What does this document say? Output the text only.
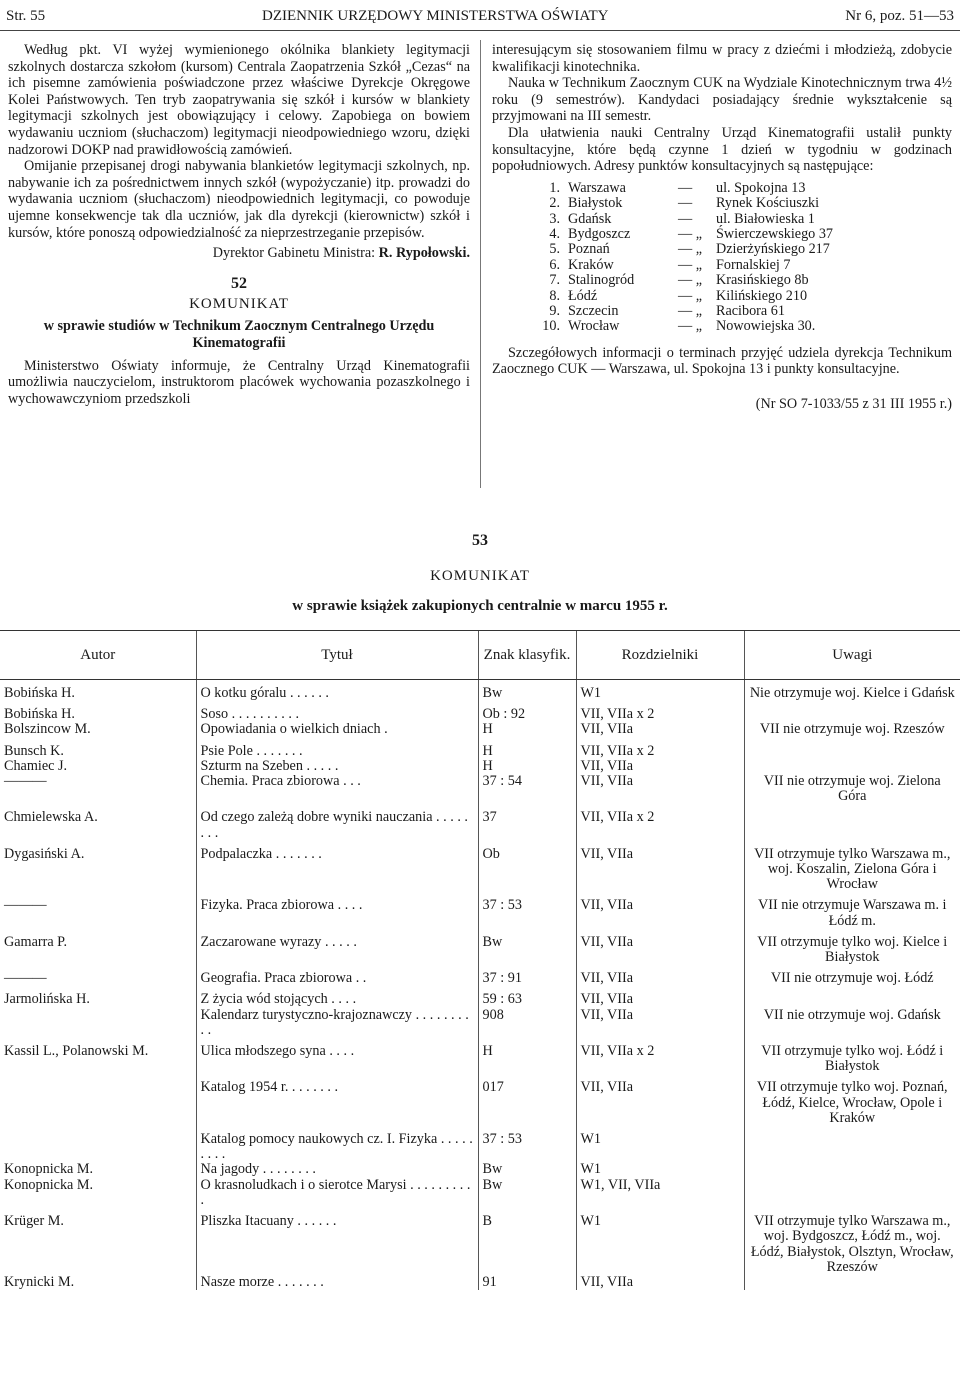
Str. 55	DZIENNIK URZĘDOWY MINISTERSTWA OŚWIATY	Nr 6, poz. 51—53

Według pkt. VI wyżej wymienionego okólnika blankiety legitymacji szkolnych dostarcza szkołom (kursom) Centrala Zaopatrzenia Szkół „Cezas“ na ich pisemne zamówienia poświadczone przez właściwe Dyrekcje Okręgowe Kolei Państwowych. Ten tryb zaopatrywania się szkół i kursów w blankiety legitymacji szkolnych jest obowiązujący i celowy. Zapobiega on bowiem wydawaniu uczniom (słuchaczom) legitymacji nieodpowiedniego wzoru, dzięki nadzorowi DOKP nad prawidłowością zamówień.

Omijanie przepisanej drogi nabywania blankietów legitymacji szkolnych, np. nabywanie ich za pośrednictwem innych szkół (wypożyczanie) itp. prowadzi do wydawania uczniom (słuchaczom) nieodpowiednich legitymacji, co powoduje ujemne konsekwencje tak dla uczniów, jak dla dyrekcji (kierownictw) szkół i kursów, które ponoszą odpowiedzialność za nieprzestrzeganie przepisów.

Dyrektor Gabinetu Ministra: R. Rypołowski.

52

KOMUNIKAT

w sprawie studiów w Technikum Zaocznym Centralnego Urzędu Kinematografii

Ministerstwo Oświaty informuje, że Centralny Urząd Kinematografii umożliwia nauczycielom, instruktorom placówek wychowania pozaszkolnego i wychowawczyniom przedszkoli

interesującym się stosowaniem filmu w pracy z dziećmi i młodzieżą, zdobycie kwalifikacji kinotechnika.

Nauka w Technikum Zaocznym CUK na Wydziale Kinotechnicznym trwa 4½ roku (9 semestrów). Kandydaci posiadający średnie wykształcenie są przyjmowani na III semestr.

Dla ułatwienia nauki Centralny Urząd Kinematografii ustalił punkty konsultacyjne, które będą czynne 1 dzień w tygodniu w godzinach popołudniowych. Adresy punktów konsultacyjnych są następujące:

1.	Warszawa	—	ul. Spokojna 13
2.	Białystok	—	Rynek Kościuszki
3.	Gdańsk	—	ul. Białowieska 1
4.	Bydgoszcz	— „	Świerczewskiego 37
5.	Poznań	— „	Dzierżyńskiego 217
6.	Kraków	— „	Fornalskiej 7
7.	Stalinogród	— „	Krasińskiego 8b
8.	Łódź	— „	Kilińskiego 210
9.	Szczecin	— „	Racibora 61
10.	Wrocław	— „	Nowowiejska 30.

Szczegółowych informacji o terminach przyjęć udziela dyrekcja Technikum Zaocznego CUK — Warszawa, ul. Spokojna 13 i punkty konsultacyjne.

(Nr SO 7-1033/55 z 31 III 1955 r.)

53
KOMUNIKAT
w sprawie książek zakupionych centralnie w marcu 1955 r.
Autor	Tytuł	Znak klasyfik.	Rozdzielniki	Uwagi

Bobińska H.	O kotku góralu . . . . . .	Bw	W1	Nie otrzymuje woj. Kielce i Gdańsk

Bobińska H.	Soso . . . . . . . . . .	Ob : 92	VII, VIIa x 2	
Bolszincow M.	Opowiadania o wielkich dniach .	H	VII, VIIa	VII nie otrzymuje woj. Rzeszów

Bunsch K.	Psie Pole . . . . . . .	H	VII, VIIa x 2	
Chamiec J.	Szturm na Szeben . . . . .	H	VII, VIIa	
———	Chemia. Praca zbiorowa . . .	37 : 54	VII, VIIa	VII nie otrzymuje woj. Zielona Góra

Chmielewska A.	Od czego zależą dobre wyniki nauczania . . . . . . . .	37	VII, VIIa x 2	

Dygasiński A.	Podpalaczka . . . . . . .	Ob	VII, VIIa	VII otrzymuje tylko Warszawa m., woj. Koszalin, Zielona Góra i Wrocław

———	Fizyka. Praca zbiorowa . . . .	37 : 53	VII, VIIa	VII nie otrzymuje Warszawa m. i Łódź m.

Gamarra P.	Zaczarowane wyrazy . . . . .	Bw	VII, VIIa	VII otrzymuje tylko woj. Kielce i Białystok

———	Geografia. Praca zbiorowa . .	37 : 91	VII, VIIa	VII nie otrzymuje woj. Łódź

Jarmolińska H.	Z życia wód stojących . . . .	59 : 63	VII, VIIa	
	Kalendarz turystyczno-krajoznawczy . . . . . . . . . .	908	VII, VIIa	VII nie otrzymuje woj. Gdańsk

Kassil L., Polanowski M.	Ulica młodszego syna . . . .	H	VII, VIIa x 2	VII otrzymuje tylko woj. Łódź i Białystok

	Katalog 1954 r. . . . . . . .	017	VII, VIIa	VII otrzymuje tylko woj. Poznań, Łódź, Kielce, Wrocław, Opole i Kraków

	Katalog pomocy naukowych cz. I. Fizyka . . . . . . . . .	37 : 53	W1	
Konopnicka M.	Na jagody . . . . . . . .	Bw	W1	
Konopnicka M.	O krasnoludkach i o sierotce Marysi . . . . . . . . . .	Bw	W1, VII, VIIa	

Krüger M.	Pliszka Itacuany . . . . . .	B	W1	VII otrzymuje tylko Warszawa m., woj. Bydgoszcz, Łódź m., woj. Łódź, Białystok, Olsztyn, Wrocław, Rzeszów
Krynicki M.	Nasze morze . . . . . . .	91	VII, VIIa	
